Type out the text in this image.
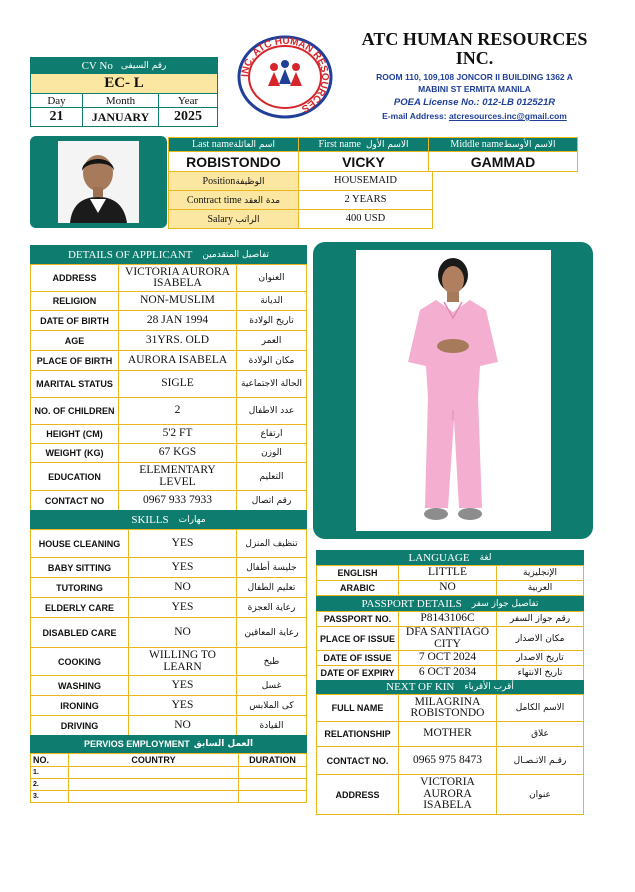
CV No رقم السيفى
EC- L
Day	Month	Year
21	JANUARY	2025
INC. ATC HUMAN RESOURCES
ATC HUMAN RESOURCES
INC.
ROOM 110, 109,108 JONCOR II BUILDING 1362 A
MABINI ST ERMITA MANILA
POEA License No.: 012-LB 012521R
E-mail Address: atcresources.inc@gmail.com
Last nameاسم العائلة	First name الاسم الأول	Middle nameالاسم الأوسط
ROBISTONDO	VICKY	GAMMAD
Positionالوظيفة	HOUSEMAID
Contract time مدة العقد	2 YEARS
Salary الراتب	400 USD
DETAILS OF APPLICANT تفاصيل المتقدمين
ADDRESS	VICTORIA AURORA ISABELA	العنوان
RELIGION	NON-MUSLIM	الديانة
DATE OF BIRTH	28 JAN 1994	تاريخ الولادة
AGE	31YRS. OLD	العمر
PLACE OF BIRTH	AURORA ISABELA	مكان الولادة
MARITAL STATUS	SIGLE	الحالة الاجتماعية
NO. OF CHILDREN	2	عدد الاطفال
HEIGHT (CM)	5'2 FT	ارتفاع
WEIGHT (KG)	67 KGS	الوزن
EDUCATION	ELEMENTARY LEVEL	التعليم
CONTACT NO	0967 933 7933	رقم اتصال
SKILLS مهارات
HOUSE CLEANING	YES	تنظيف المنزل
BABY SITTING	YES	جليسة أطفال
TUTORING	NO	تعليم الطفال
ELDERLY CARE	YES	رعاية العجزة
DISABLED CARE	NO	رعاية المعاقين
COOKING	WILLING TO LEARN	طبخ
WASHING	YES	غسل
IRONING	YES	كى الملابس
DRIVING	NO	القيادة
PERVIOS EMPLOYMENT العمل السابق
NO.	COUNTRY	DURATION
1.		
2.		
3.		
LANGUAGE لغة
ENGLISH	LITTLE	الإنجليزية
ARABIC	NO	العربية
PASSPORT DETAILS تفاصيل جواز سفر
PASSPORT NO.	P8143106C	رقم جواز السفر
PLACE OF ISSUE	DFA SANTIAGO CITY	مكان الاصدار
DATE OF ISSUE	7 OCT 2024	تاريخ الاصدار
DATE OF EXPIRY	6 OCT 2034	تاريخ الانتهاء
NEXT OF KIN أقرب الأقرباء
FULL NAME	MILAGRINA ROBISTONDO	الاسم الكامل
RELATIONSHIP	MOTHER	علاق
CONTACT NO.	0965 975 8473	رقـم الاتـصـال
ADDRESS	VICTORIA AURORA ISABELA	عنوان
